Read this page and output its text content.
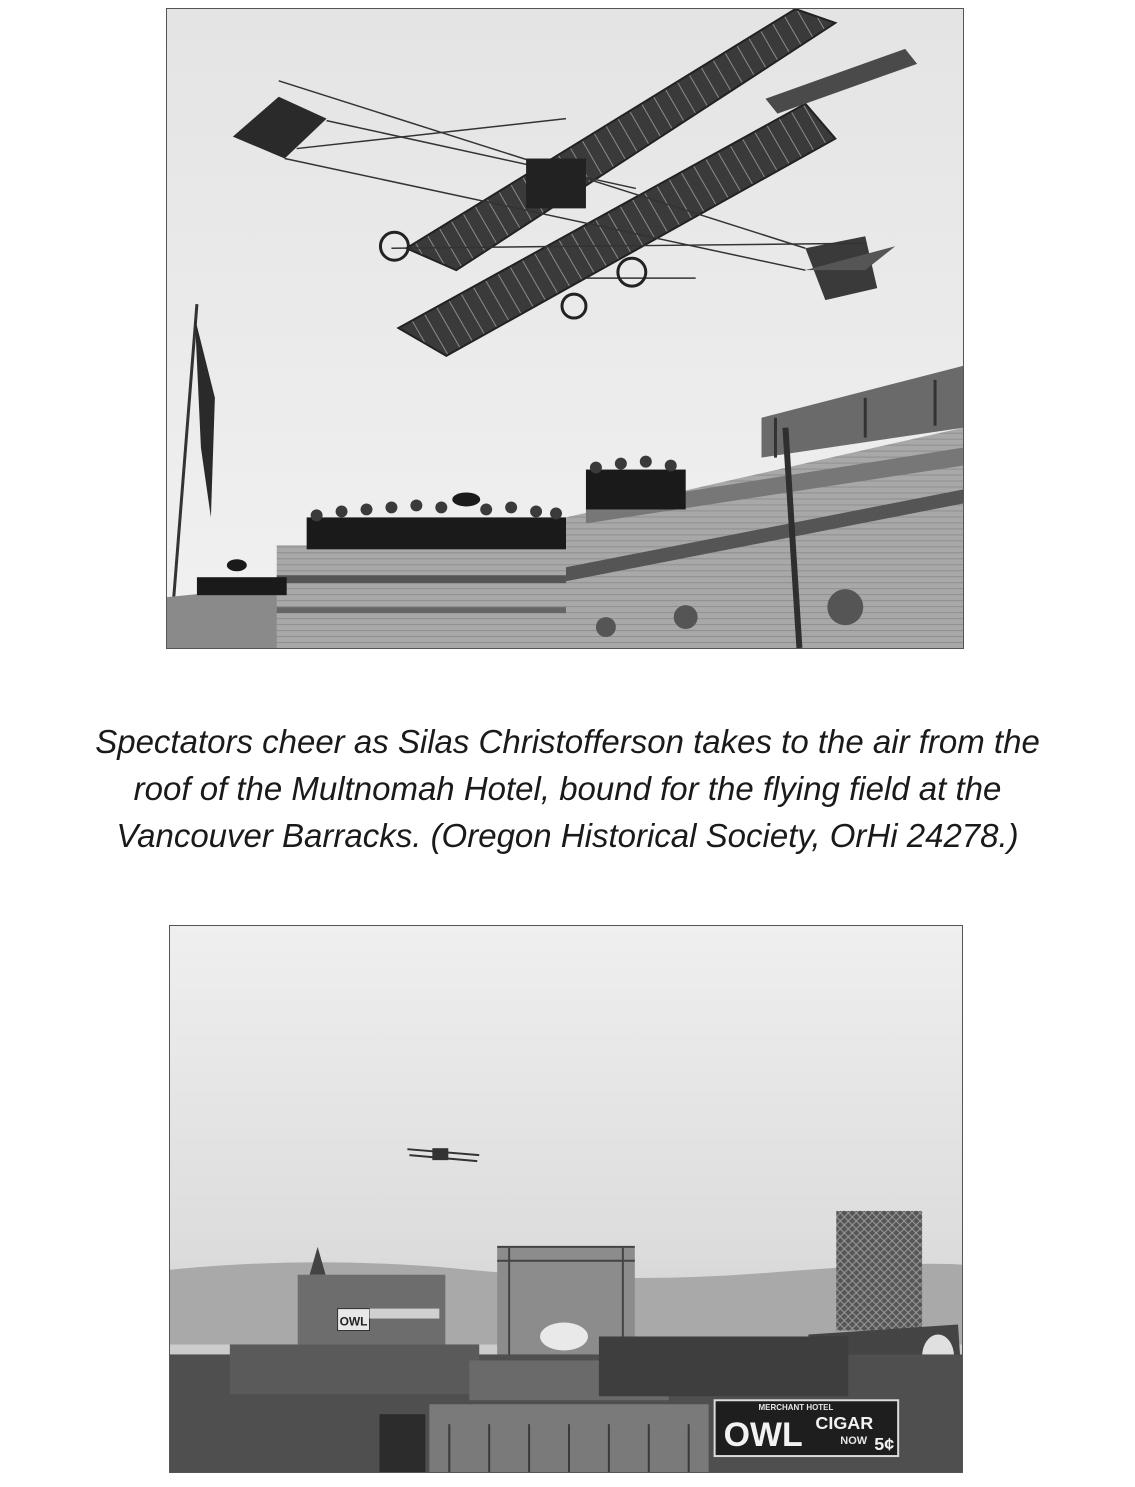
Spectators cheer as Silas Christofferson takes to the air from the
roof of the Multnomah Hotel, bound for the flying field at the
Vancouver Barracks. (Oregon Historical Society, OrHi 24278.)

OWL
MERCHANT HOTEL
OWL CIGAR
NOW 5¢
